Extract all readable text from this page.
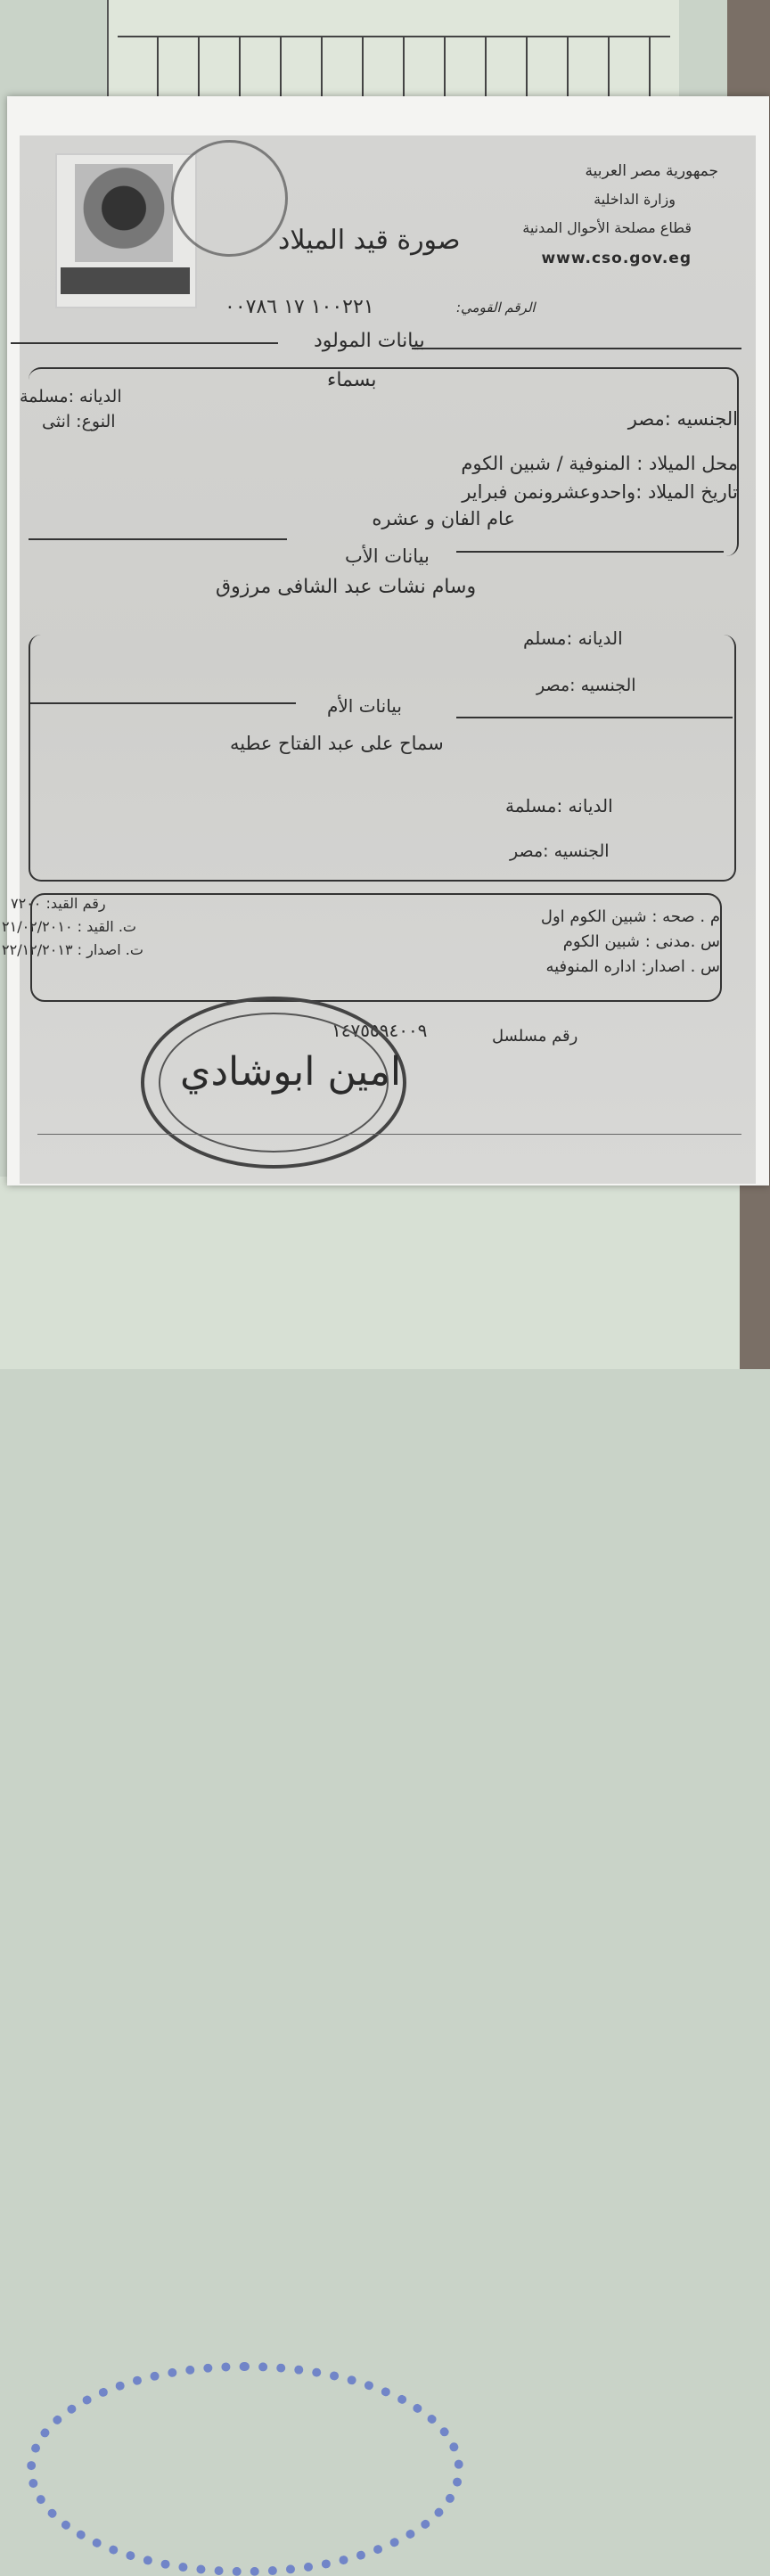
جمهورية مصر العربية
وزارة الداخلية
قطاع مصلحة الأحوال المدنية
www.cso.gov.eg
صورة قيد الميلاد
١٠٠٢٢١ ١٧ ٠٠٧٨٦	الرقم القومي:
بيانات المولود
بسماء
الديانه :مسلمة
النوع: انثى	الجنسيه :مصر
محل الميلاد : المنوفية / شبين الكوم
تاريخ الميلاد :واحدوعشرونمن فبراير
عام الفان و عشره
بيانات الأب
وسام نشات عبد الشافى مرزوق
الديانه :مسلم
الجنسيه :مصر
بيانات الأم
سماح على عبد الفتاح عطيه
الديانه :مسلمة
الجنسيه :مصر
م . صحه : شبين الكوم اول
س .مدنى : شبين الكوم
س . اصدار: اداره المنوفيه
رقم القيد: ٧٢٠٠
ت. القيد : ٢١/٠٢/٢٠١٠
ت. اصدار : ٢٢/١٢/٢٠١٣
١٤٧٥٥٩٤٠٠٩	رقم مسلسل
امين ابوشادي
